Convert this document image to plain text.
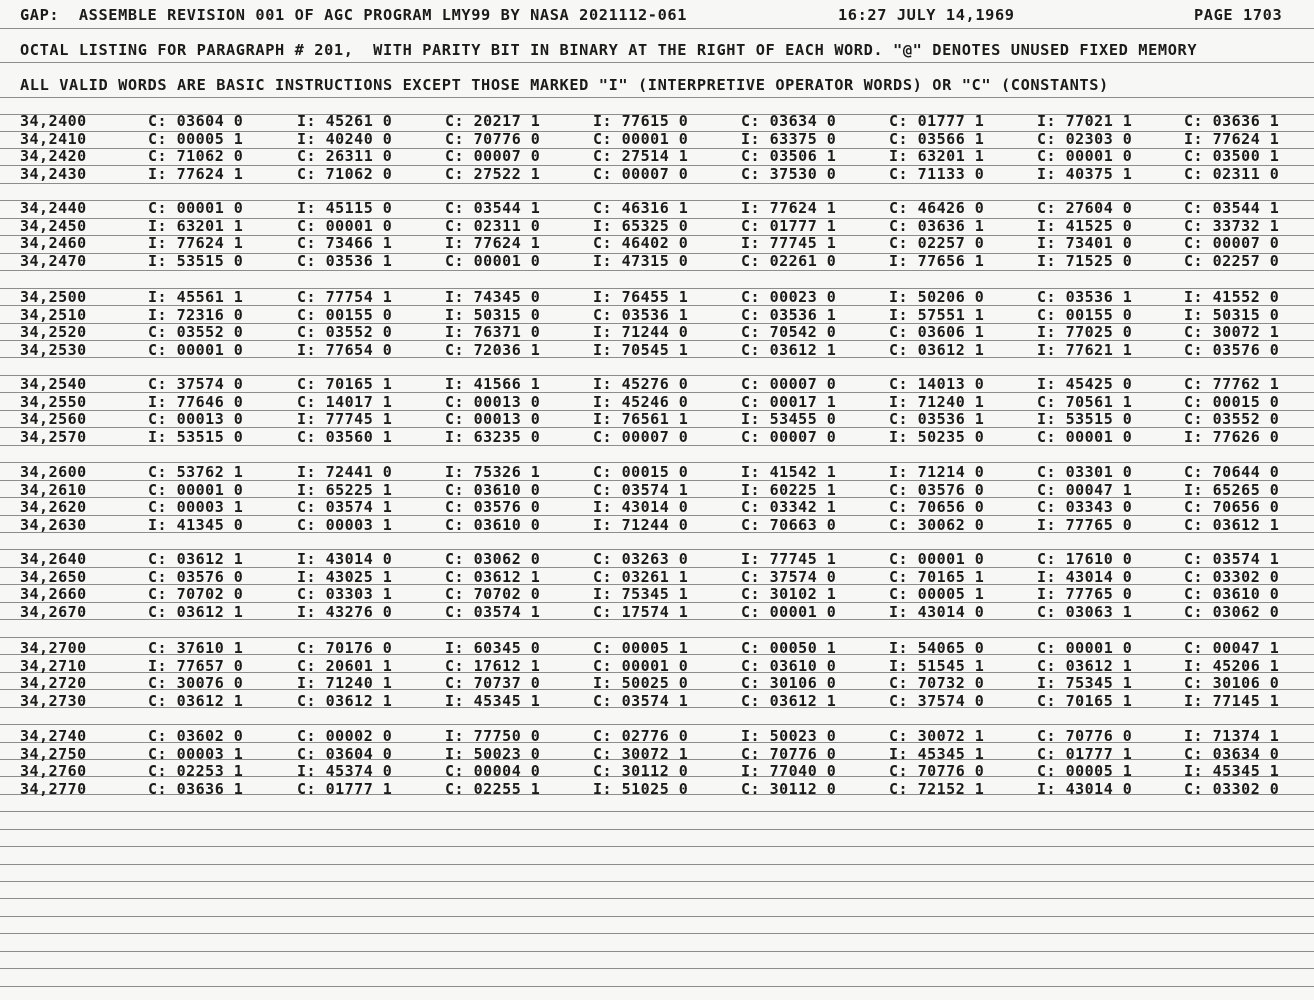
GAP:  ASSEMBLE REVISION 001 OF AGC PROGRAM LMY99 BY NASA 2021112-061	16:27 JULY 14,1969	PAGE 1703
OCTAL LISTING FOR PARAGRAPH # 201,  WITH PARITY BIT IN BINARY AT THE RIGHT OF EACH WORD. "@" DENOTES UNUSED FIXED MEMORY
ALL VALID WORDS ARE BASIC INSTRUCTIONS EXCEPT THOSE MARKED "I" (INTERPRETIVE OPERATOR WORDS) OR "C" (CONSTANTS)
34,2400	C: 03604 0	I: 45261 0	C: 20217 1	I: 77615 0	C: 03634 0	C: 01777 1	I: 77021 1	C: 03636 1
34,2410	C: 00005 1	I: 40240 0	C: 70776 0	C: 00001 0	I: 63375 0	C: 03566 1	C: 02303 0	I: 77624 1
34,2420	C: 71062 0	C: 26311 0	C: 00007 0	C: 27514 1	C: 03506 1	I: 63201 1	C: 00001 0	C: 03500 1
34,2430	I: 77624 1	C: 71062 0	C: 27522 1	C: 00007 0	C: 37530 0	C: 71133 0	I: 40375 1	C: 02311 0
34,2440	C: 00001 0	I: 45115 0	C: 03544 1	C: 46316 1	I: 77624 1	C: 46426 0	C: 27604 0	C: 03544 1
34,2450	I: 63201 1	C: 00001 0	C: 02311 0	I: 65325 0	C: 01777 1	C: 03636 1	I: 41525 0	C: 33732 1
34,2460	I: 77624 1	C: 73466 1	I: 77624 1	C: 46402 0	I: 77745 1	C: 02257 0	I: 73401 0	C: 00007 0
34,2470	I: 53515 0	C: 03536 1	C: 00001 0	I: 47315 0	C: 02261 0	I: 77656 1	I: 71525 0	C: 02257 0
34,2500	I: 45561 1	C: 77754 1	I: 74345 0	I: 76455 1	C: 00023 0	I: 50206 0	C: 03536 1	I: 41552 0
34,2510	I: 72316 0	C: 00155 0	I: 50315 0	C: 03536 1	C: 03536 1	I: 57551 1	C: 00155 0	I: 50315 0
34,2520	C: 03552 0	C: 03552 0	I: 76371 0	I: 71244 0	C: 70542 0	C: 03606 1	I: 77025 0	C: 30072 1
34,2530	C: 00001 0	I: 77654 0	C: 72036 1	I: 70545 1	C: 03612 1	C: 03612 1	I: 77621 1	C: 03576 0
34,2540	C: 37574 0	C: 70165 1	I: 41566 1	I: 45276 0	C: 00007 0	C: 14013 0	I: 45425 0	C: 77762 1
34,2550	I: 77646 0	C: 14017 1	C: 00013 0	I: 45246 0	C: 00017 1	I: 71240 1	C: 70561 1	C: 00015 0
34,2560	C: 00013 0	I: 77745 1	C: 00013 0	I: 76561 1	I: 53455 0	C: 03536 1	I: 53515 0	C: 03552 0
34,2570	I: 53515 0	C: 03560 1	I: 63235 0	C: 00007 0	C: 00007 0	I: 50235 0	C: 00001 0	I: 77626 0
34,2600	C: 53762 1	I: 72441 0	I: 75326 1	C: 00015 0	I: 41542 1	I: 71214 0	C: 03301 0	C: 70644 0
34,2610	C: 00001 0	I: 65225 1	C: 03610 0	C: 03574 1	I: 60225 1	C: 03576 0	C: 00047 1	I: 65265 0
34,2620	C: 00003 1	C: 03574 1	C: 03576 0	I: 43014 0	C: 03342 1	C: 70656 0	C: 03343 0	C: 70656 0
34,2630	I: 41345 0	C: 00003 1	C: 03610 0	I: 71244 0	C: 70663 0	C: 30062 0	I: 77765 0	C: 03612 1
34,2640	C: 03612 1	I: 43014 0	C: 03062 0	C: 03263 0	I: 77745 1	C: 00001 0	C: 17610 0	C: 03574 1
34,2650	C: 03576 0	I: 43025 1	C: 03612 1	C: 03261 1	C: 37574 0	C: 70165 1	I: 43014 0	C: 03302 0
34,2660	C: 70702 0	C: 03303 1	C: 70702 0	I: 75345 1	C: 30102 1	C: 00005 1	I: 77765 0	C: 03610 0
34,2670	C: 03612 1	I: 43276 0	C: 03574 1	C: 17574 1	C: 00001 0	I: 43014 0	C: 03063 1	C: 03062 0
34,2700	C: 37610 1	C: 70176 0	I: 60345 0	C: 00005 1	C: 00050 1	I: 54065 0	C: 00001 0	C: 00047 1
34,2710	I: 77657 0	C: 20601 1	C: 17612 1	C: 00001 0	C: 03610 0	I: 51545 1	C: 03612 1	I: 45206 1
34,2720	C: 30076 0	I: 71240 1	C: 70737 0	I: 50025 0	C: 30106 0	C: 70732 0	I: 75345 1	C: 30106 0
34,2730	C: 03612 1	C: 03612 1	I: 45345 1	C: 03574 1	C: 03612 1	C: 37574 0	C: 70165 1	I: 77145 1
34,2740	C: 03602 0	C: 00002 0	I: 77750 0	C: 02776 0	I: 50023 0	C: 30072 1	C: 70776 0	I: 71374 1
34,2750	C: 00003 1	C: 03604 0	I: 50023 0	C: 30072 1	C: 70776 0	I: 45345 1	C: 01777 1	C: 03634 0
34,2760	C: 02253 1	I: 45374 0	C: 00004 0	C: 30112 0	I: 77040 0	C: 70776 0	C: 00005 1	I: 45345 1
34,2770	C: 03636 1	C: 01777 1	C: 02255 1	I: 51025 0	C: 30112 0	C: 72152 1	I: 43014 0	C: 03302 0
